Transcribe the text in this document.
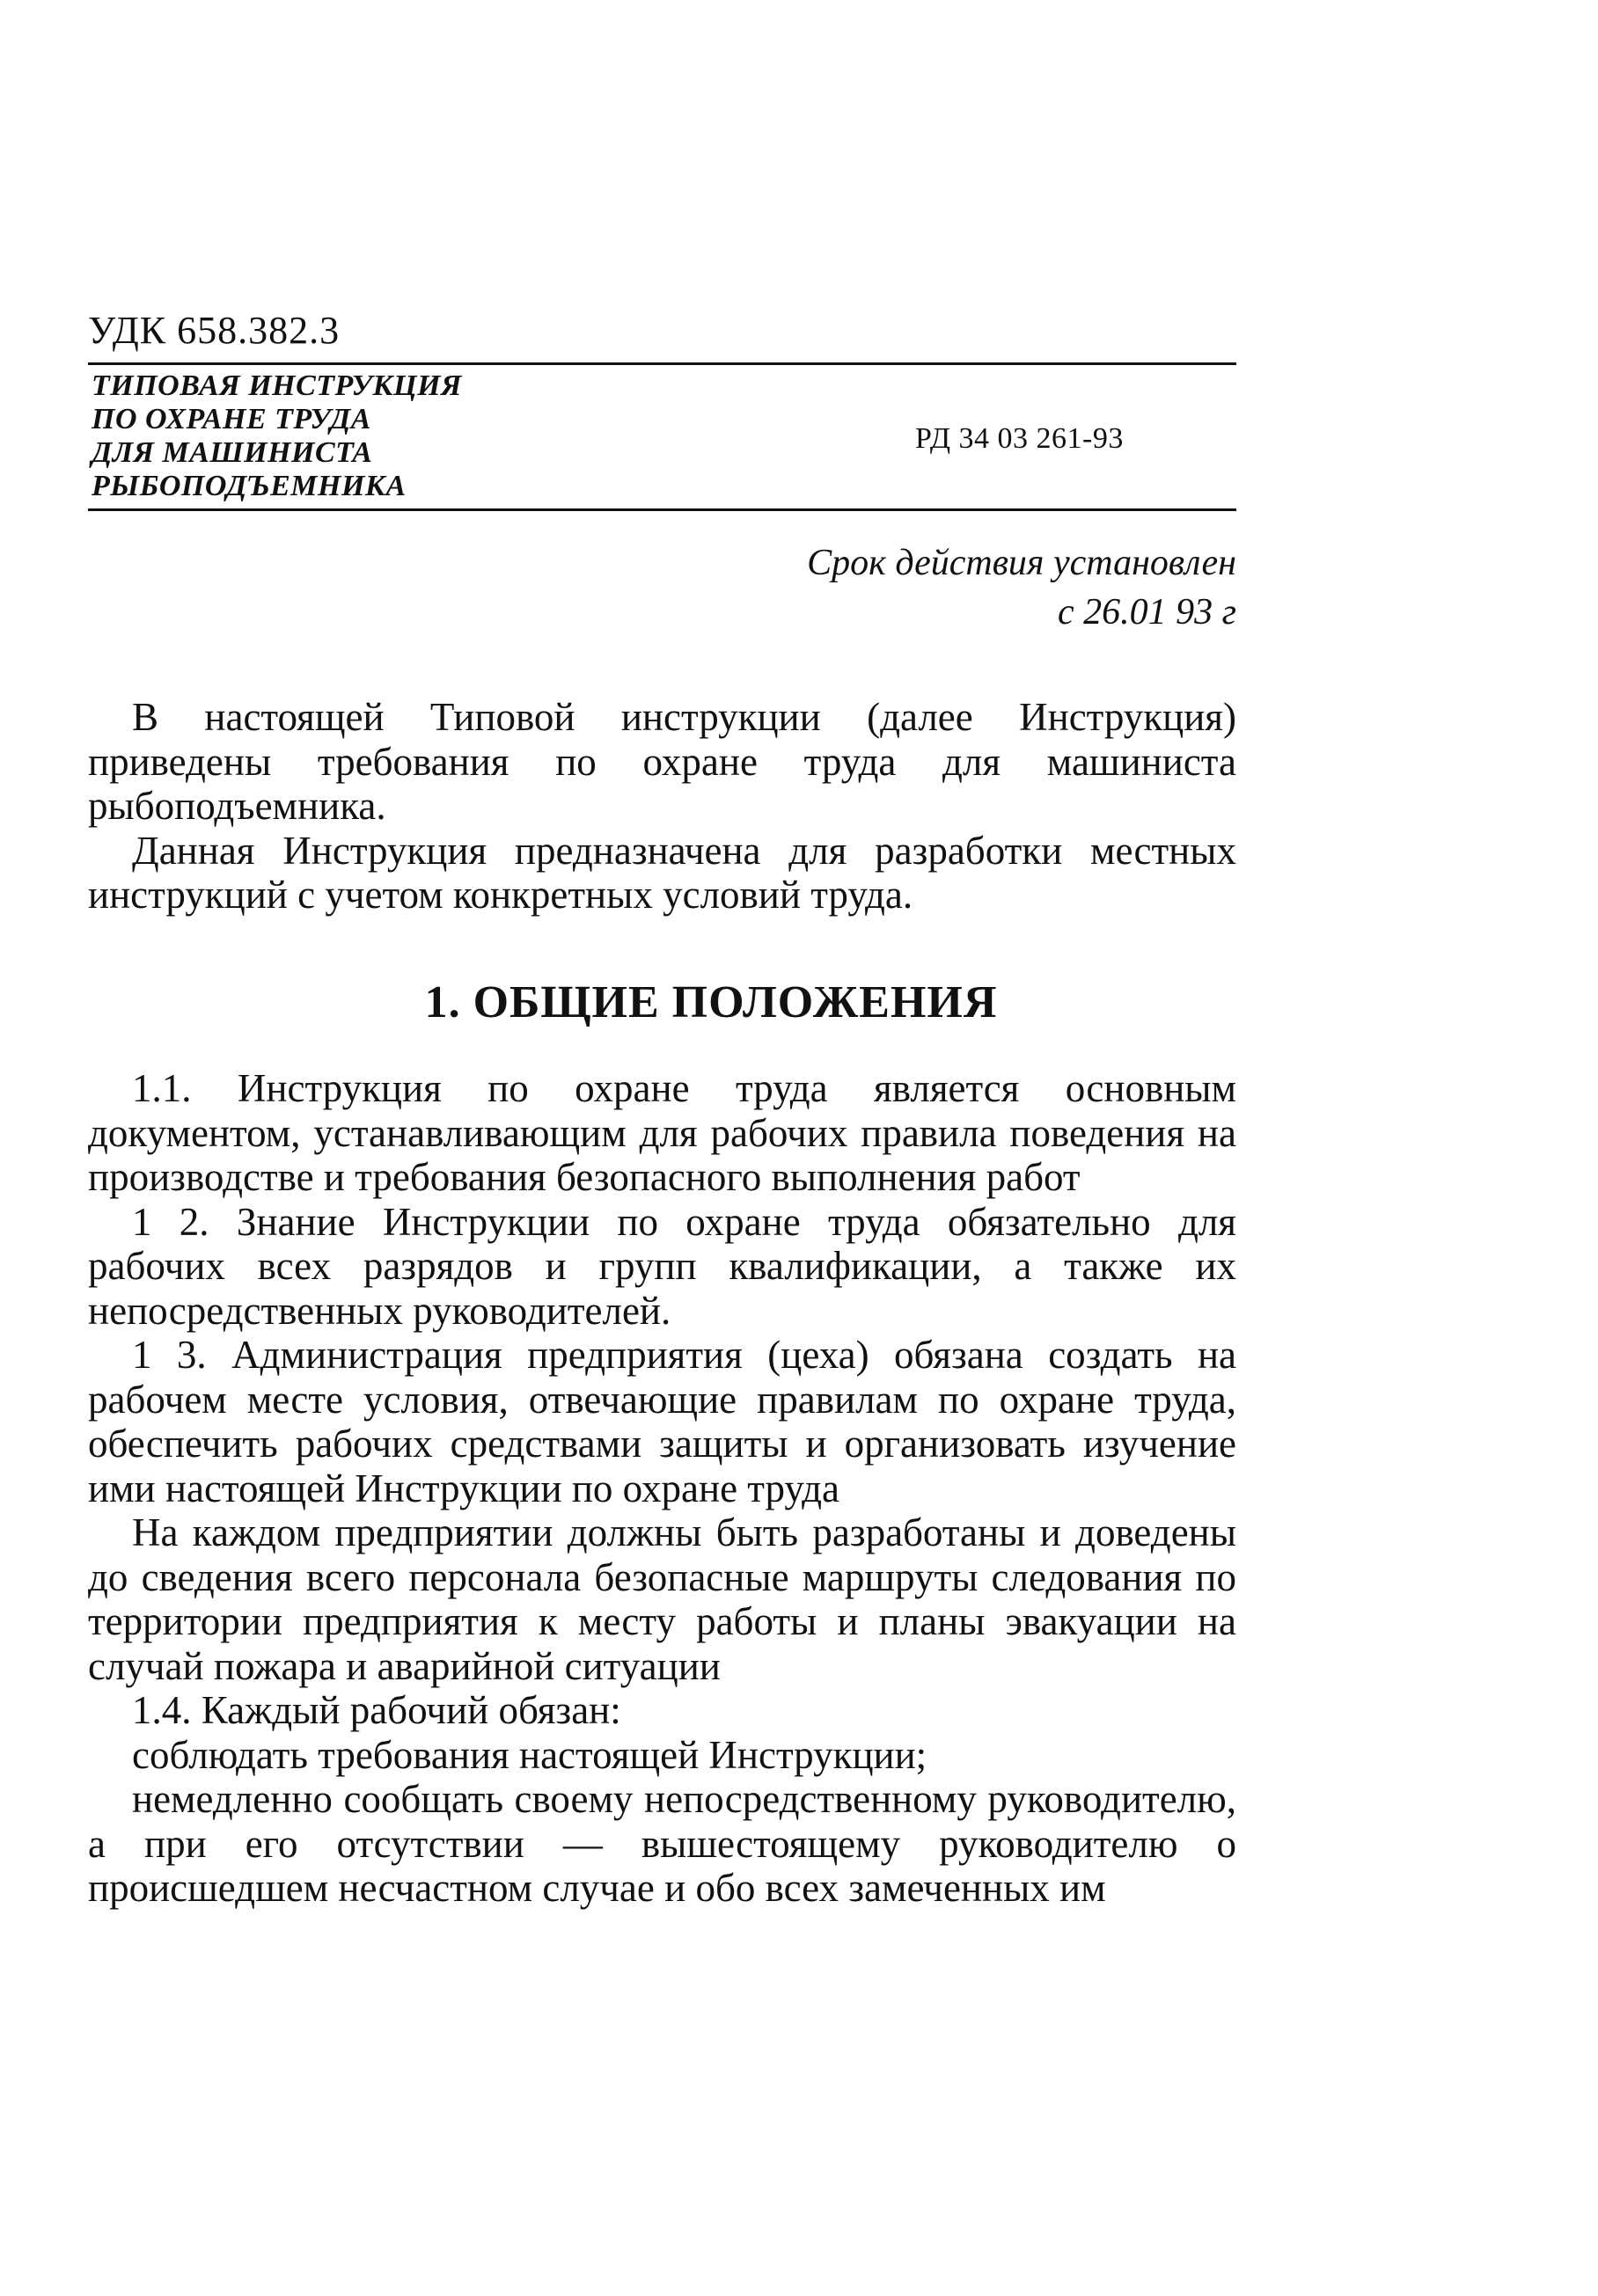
УДК 658.382.3
ТИПОВАЯ ИНСТРУКЦИЯ
ПО ОХРАНЕ ТРУДА
ДЛЯ МАШИНИСТА
РЫБОПОДЪЕМНИКА
РД 34 03 261-93
Срок действия установлен
с 26.01 93 г

В настоящей Типовой инструкции (далее Инструкция) приведены требования по охране труда для машиниста рыбоподъемника.

Данная Инструкция предназначена для разработки местных инструкций с учетом конкретных условий труда.

1. ОБЩИЕ ПОЛОЖЕНИЯ

1.1. Инструкция по охране труда является основным документом, устанавливающим для рабочих правила поведения на производстве и требования безопасного выполнения работ

1 2. Знание Инструкции по охране труда обязательно для рабочих всех разрядов и групп квалификации, а также их непосредственных руководителей.

1 3. Администрация предприятия (цеха) обязана создать на рабочем месте условия, отвечающие правилам по охране труда, обеспечить рабочих средствами защиты и организовать изучение ими настоящей Инструкции по охране труда

На каждом предприятии должны быть разработаны и доведены до сведения всего персонала безопасные маршруты следования по территории предприятия к месту работы и планы эвакуации на случай пожара и аварийной ситуации

1.4. Каждый рабочий обязан:

соблюдать требования настоящей Инструкции;

немедленно сообщать своему непосредственному руководителю, а при его отсутствии — вышестоящему руководителю о происшедшем несчастном случае и обо всех замеченных им
